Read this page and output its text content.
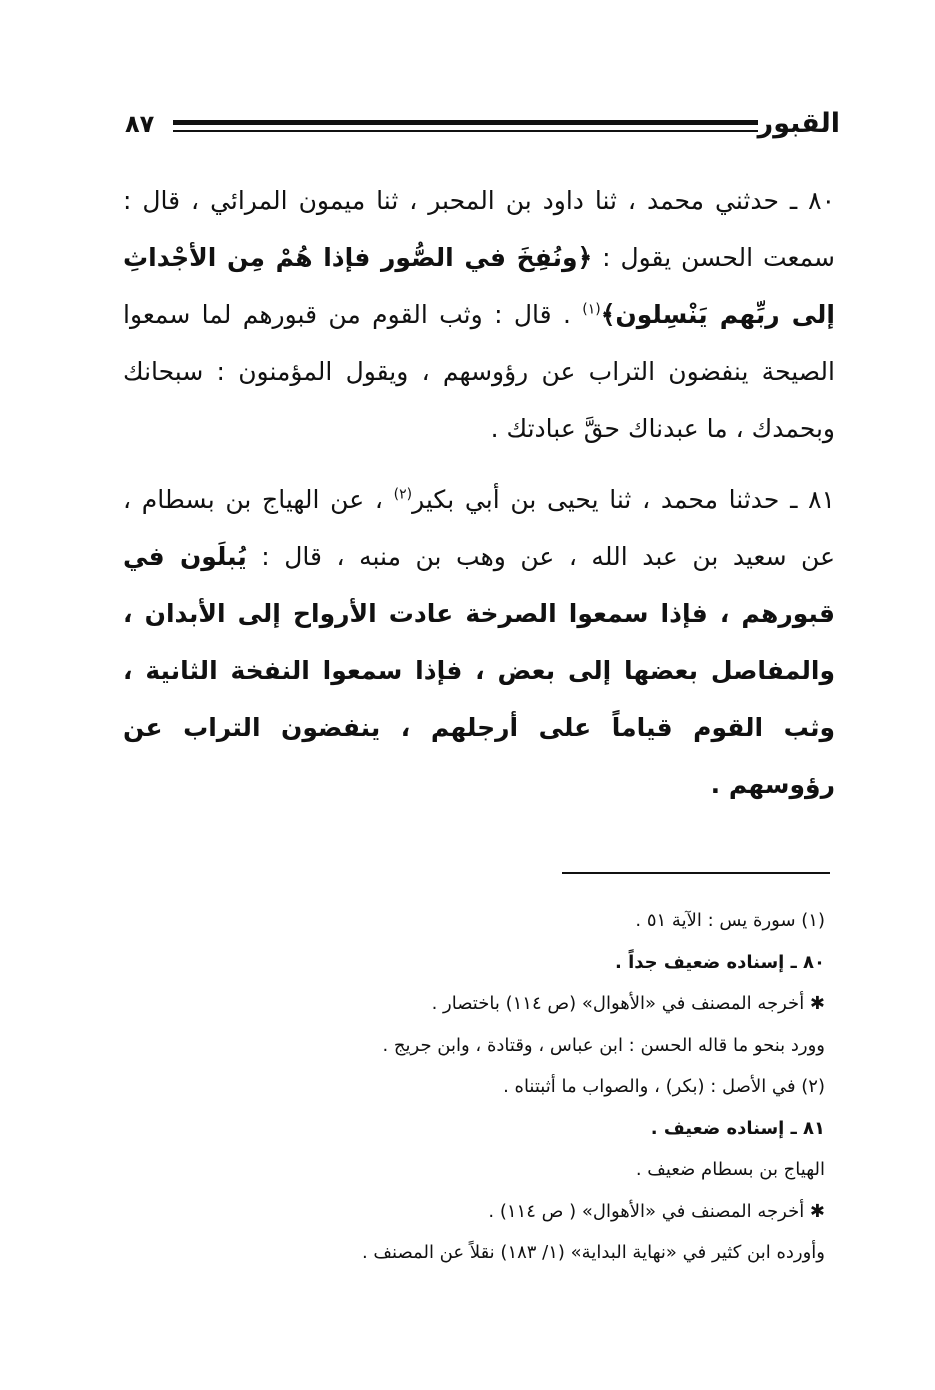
القبور
٨٧

٨٠ ـ حدثني محمد ، ثنا داود بن المحبر ، ثنا ميمون المرائي ، قال : سمعت الحسن يقول : ﴿ونُفِخَ في الصُّور فإذا هُمْ مِن الأجْداثِ إلى ربِّهم يَنْسِلون﴾$^{(١)}$ . قال : وثب القوم من قبورهم لما سمعوا الصيحة ينفضون التراب عن رؤوسهم ، ويقول المؤمنون : سبحانك وبحمدك ، ما عبدناك حقَّ عبادتك .

٨١ ـ حدثنا محمد ، ثنا يحيى بن أبي بكير$^{(٢)}$ ، عن الهياج بن بسطام ، عن سعيد بن عبد الله ، عن وهب بن منبه ، قال : يُبلَون في قبورهم ، فإذا سمعوا الصرخة عادت الأرواح إلى الأبدان ، والمفاصل بعضها إلى بعض ، فإذا سمعوا النفخة الثانية ، وثب القوم قياماً على أرجلهم ، ينفضون التراب عن رؤوسهم .

(١) سورة يس : الآية ٥١ .

٨٠ ـ إسناده ضعيف جداً .

✱ أخرجه المصنف في «الأهوال» (ص ١١٤) باختصار .

وورد بنحو ما قاله الحسن : ابن عباس ، وقتادة ، وابن جريج .

(٢) في الأصل : (بكر) ، والصواب ما أثبتناه .

٨١ ـ إسناده ضعيف .

الهياج بن بسطام ضعيف .

✱ أخرجه المصنف في «الأهوال» ( ص ١١٤) .

وأورده ابن كثير في «نهاية البداية» (١/ ١٨٣) نقلاً عن المصنف .
